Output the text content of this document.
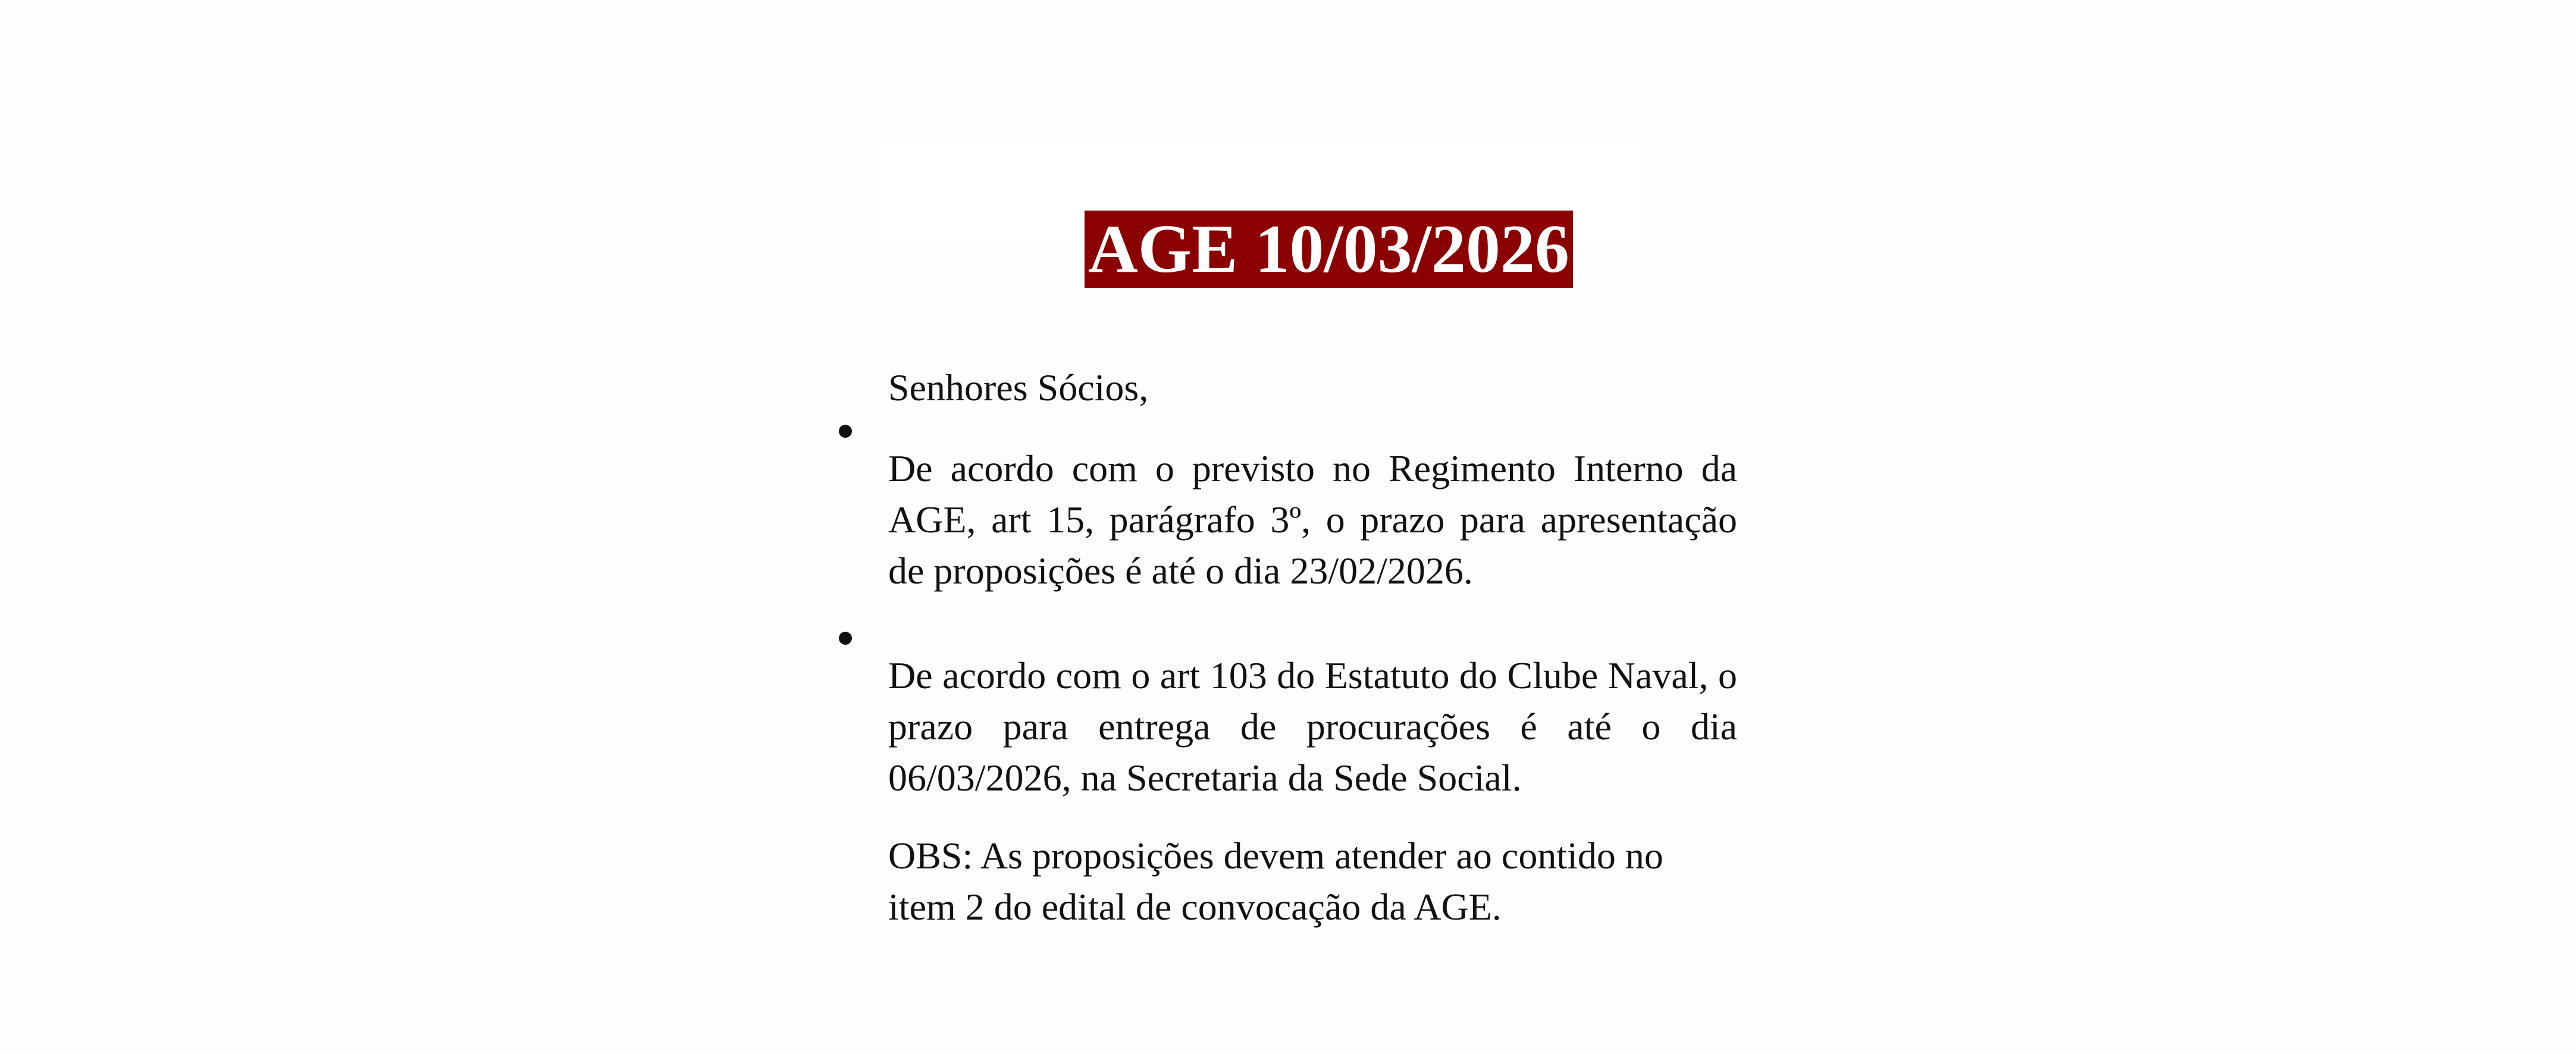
AGE 10/03/2026

Senhores Sócios,

De acordo com o previsto no Regimento Interno da AGE, art 15, parágrafo 3º, o prazo para apresentação de proposições é até o dia 23/02/2026.

De acordo com o art 103 do Estatuto do Clube Naval, o prazo para entrega de procurações é até o dia 06/03/2026, na Secretaria da Sede Social.

OBS: As proposições devem atender ao contido no item 2 do edital de convocação da AGE.
